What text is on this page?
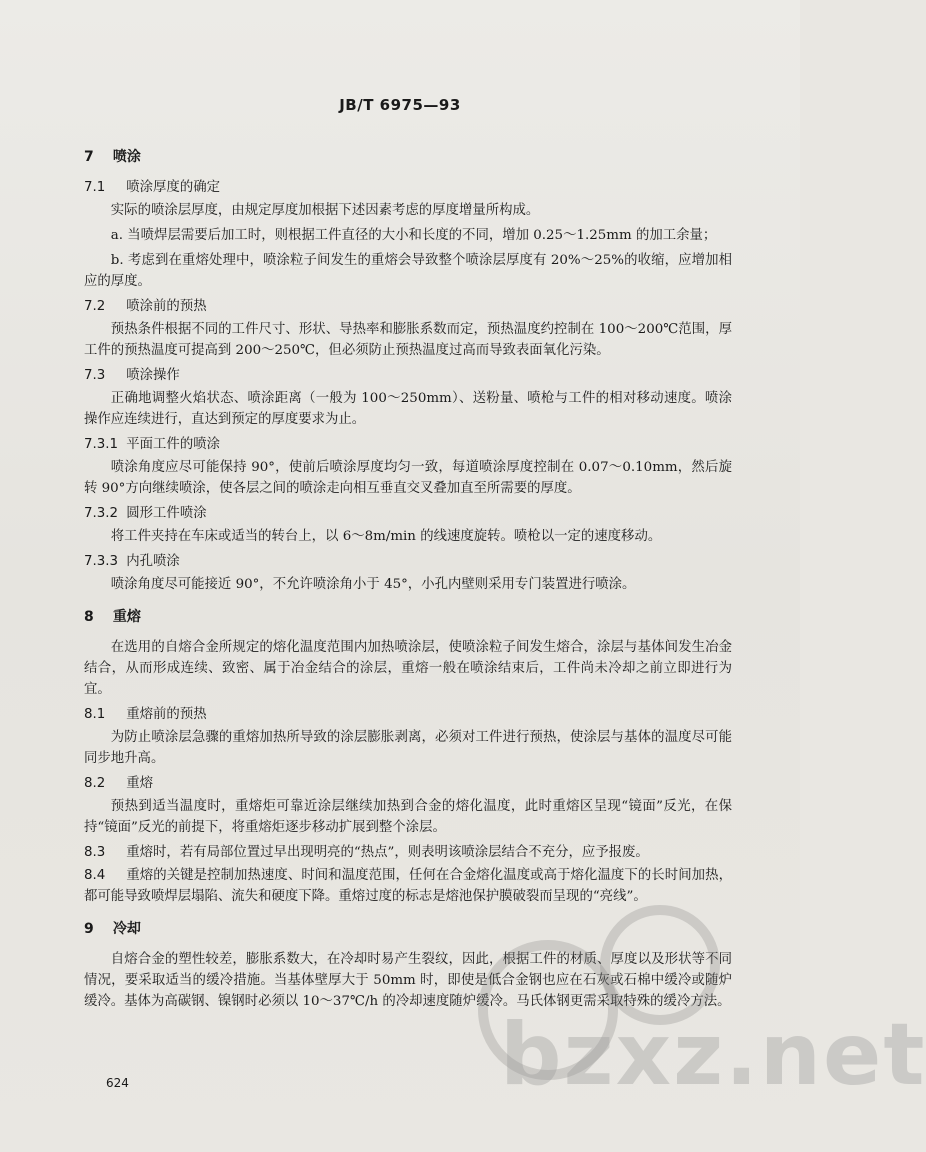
JB/T 6975—93
7 喷涂
7.1 喷涂厚度的确定

实际的喷涂层厚度，由规定厚度加根据下述因素考虑的厚度增量所构成。

a. 当喷焊层需要后加工时，则根据工件直径的大小和长度的不同，增加 0.25～1.25mm 的加工余量；

b. 考虑到在重熔处理中，喷涂粒子间发生的重熔会导致整个喷涂层厚度有 20%～25%的收缩，应增加相应的厚度。

7.2 喷涂前的预热

预热条件根据不同的工件尺寸、形状、导热率和膨胀系数而定，预热温度约控制在 100～200℃范围，厚工件的预热温度可提高到 200～250℃，但必须防止预热温度过高而导致表面氧化污染。

7.3 喷涂操作

正确地调整火焰状态、喷涂距离（一般为 100～250mm）、送粉量、喷枪与工件的相对移动速度。喷涂操作应连续进行，直达到预定的厚度要求为止。

7.3.1 平面工件的喷涂

喷涂角度应尽可能保持 90°，使前后喷涂厚度均匀一致，每道喷涂厚度控制在 0.07～0.10mm，然后旋转 90°方向继续喷涂，使各层之间的喷涂走向相互垂直交叉叠加直至所需要的厚度。

7.3.2 圆形工件喷涂

将工件夹持在车床或适当的转台上，以 6～8m/min 的线速度旋转。喷枪以一定的速度移动。

7.3.3 内孔喷涂

喷涂角度尽可能接近 90°，不允许喷涂角小于 45°，小孔内壁则采用专门装置进行喷涂。

8 重熔

在选用的自熔合金所规定的熔化温度范围内加热喷涂层，使喷涂粒子间发生熔合，涂层与基体间发生冶金结合，从而形成连续、致密、属于冶金结合的涂层，重熔一般在喷涂结束后，工件尚未冷却之前立即进行为宜。

8.1 重熔前的预热

为防止喷涂层急骤的重熔加热所导致的涂层膨胀剥离，必须对工件进行预热，使涂层与基体的温度尽可能同步地升高。

8.2 重熔

预热到适当温度时，重熔炬可靠近涂层继续加热到合金的熔化温度，此时重熔区呈现“镜面”反光，在保持“镜面”反光的前提下，将重熔炬逐步移动扩展到整个涂层。

8.3 重熔时，若有局部位置过早出现明亮的“热点”，则表明该喷涂层结合不充分，应予报废。
8.4 重熔的关键是控制加热速度、时间和温度范围，任何在合金熔化温度或高于熔化温度下的长时间加热，都可能导致喷焊层塌陷、流失和硬度下降。重熔过度的标志是熔池保护膜破裂而呈现的“亮线”。
9 冷却

自熔合金的塑性较差，膨胀系数大，在冷却时易产生裂纹，因此，根据工件的材质、厚度以及形状等不同情况，要采取适当的缓冷措施。当基体壁厚大于 50mm 时，即使是低合金钢也应在石灰或石棉中缓冷或随炉缓冷。基体为高碳钢、镍钢时必须以 10～37℃/h 的冷却速度随炉缓冷。马氏体钢更需采取特殊的缓冷方法。

bzxz.net
624
